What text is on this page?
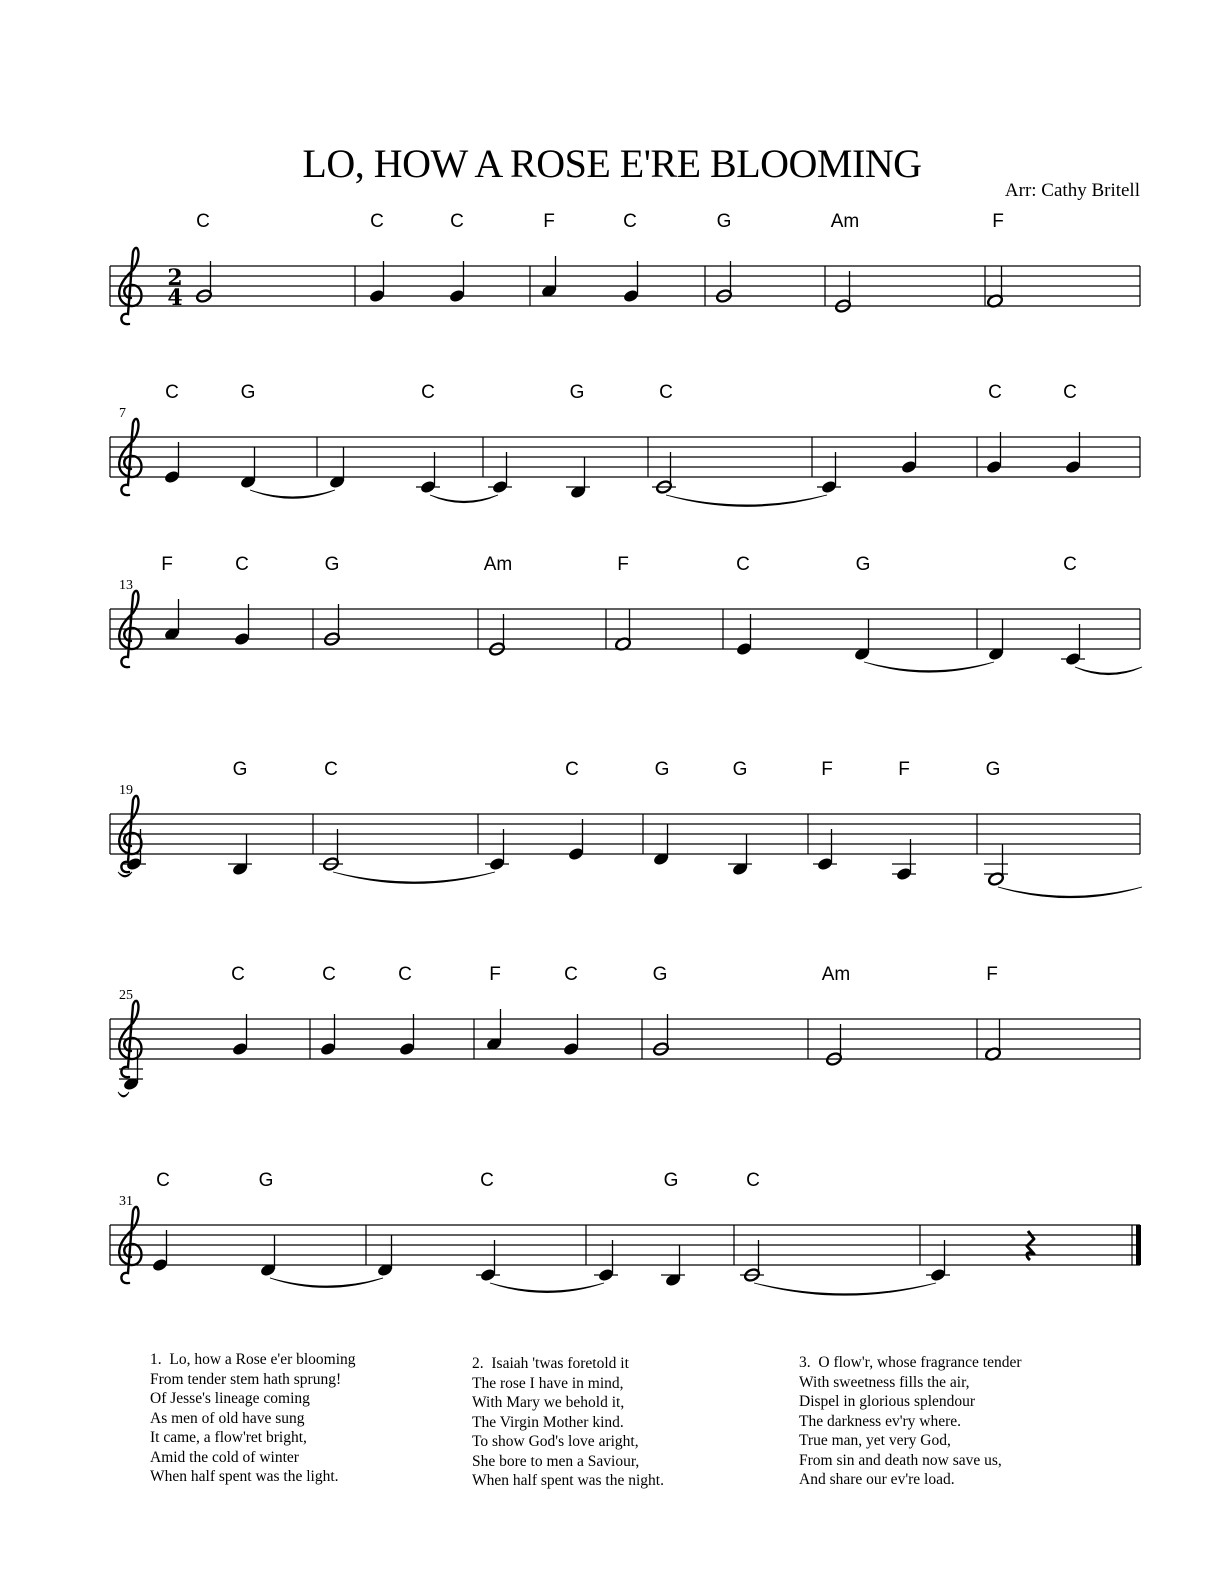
LO, HOW A ROSE E'RE BLOOMING
Arr: Cathy Britell
2
4
C	C	C	F	C	G	Am	F
7
C	G	C	G	C	C	C
13
F	C	G	Am	F	C	G	C
19
G	C	C	G	G	F	F	G
25
C	C	C	F	C	G	Am	F
31
C	G	C	G	C
1.  Lo, how a Rose e'er blooming
From tender stem hath sprung!
Of Jesse's lineage coming
As men of old have sung
It came, a flow'ret bright,
Amid the cold of winter
When half spent was the light.
2.  Isaiah 'twas foretold it
The rose I have in mind,
With Mary we behold it,
The Virgin Mother kind.
To show God's love aright,
She bore to men a Saviour,
When half spent was the night.
3.  O flow'r, whose fragrance tender
With sweetness fills the air,
Dispel in glorious splendour
The darkness ev'ry where.
True man, yet very God,
From sin and death now save us,
And share our ev're load.
